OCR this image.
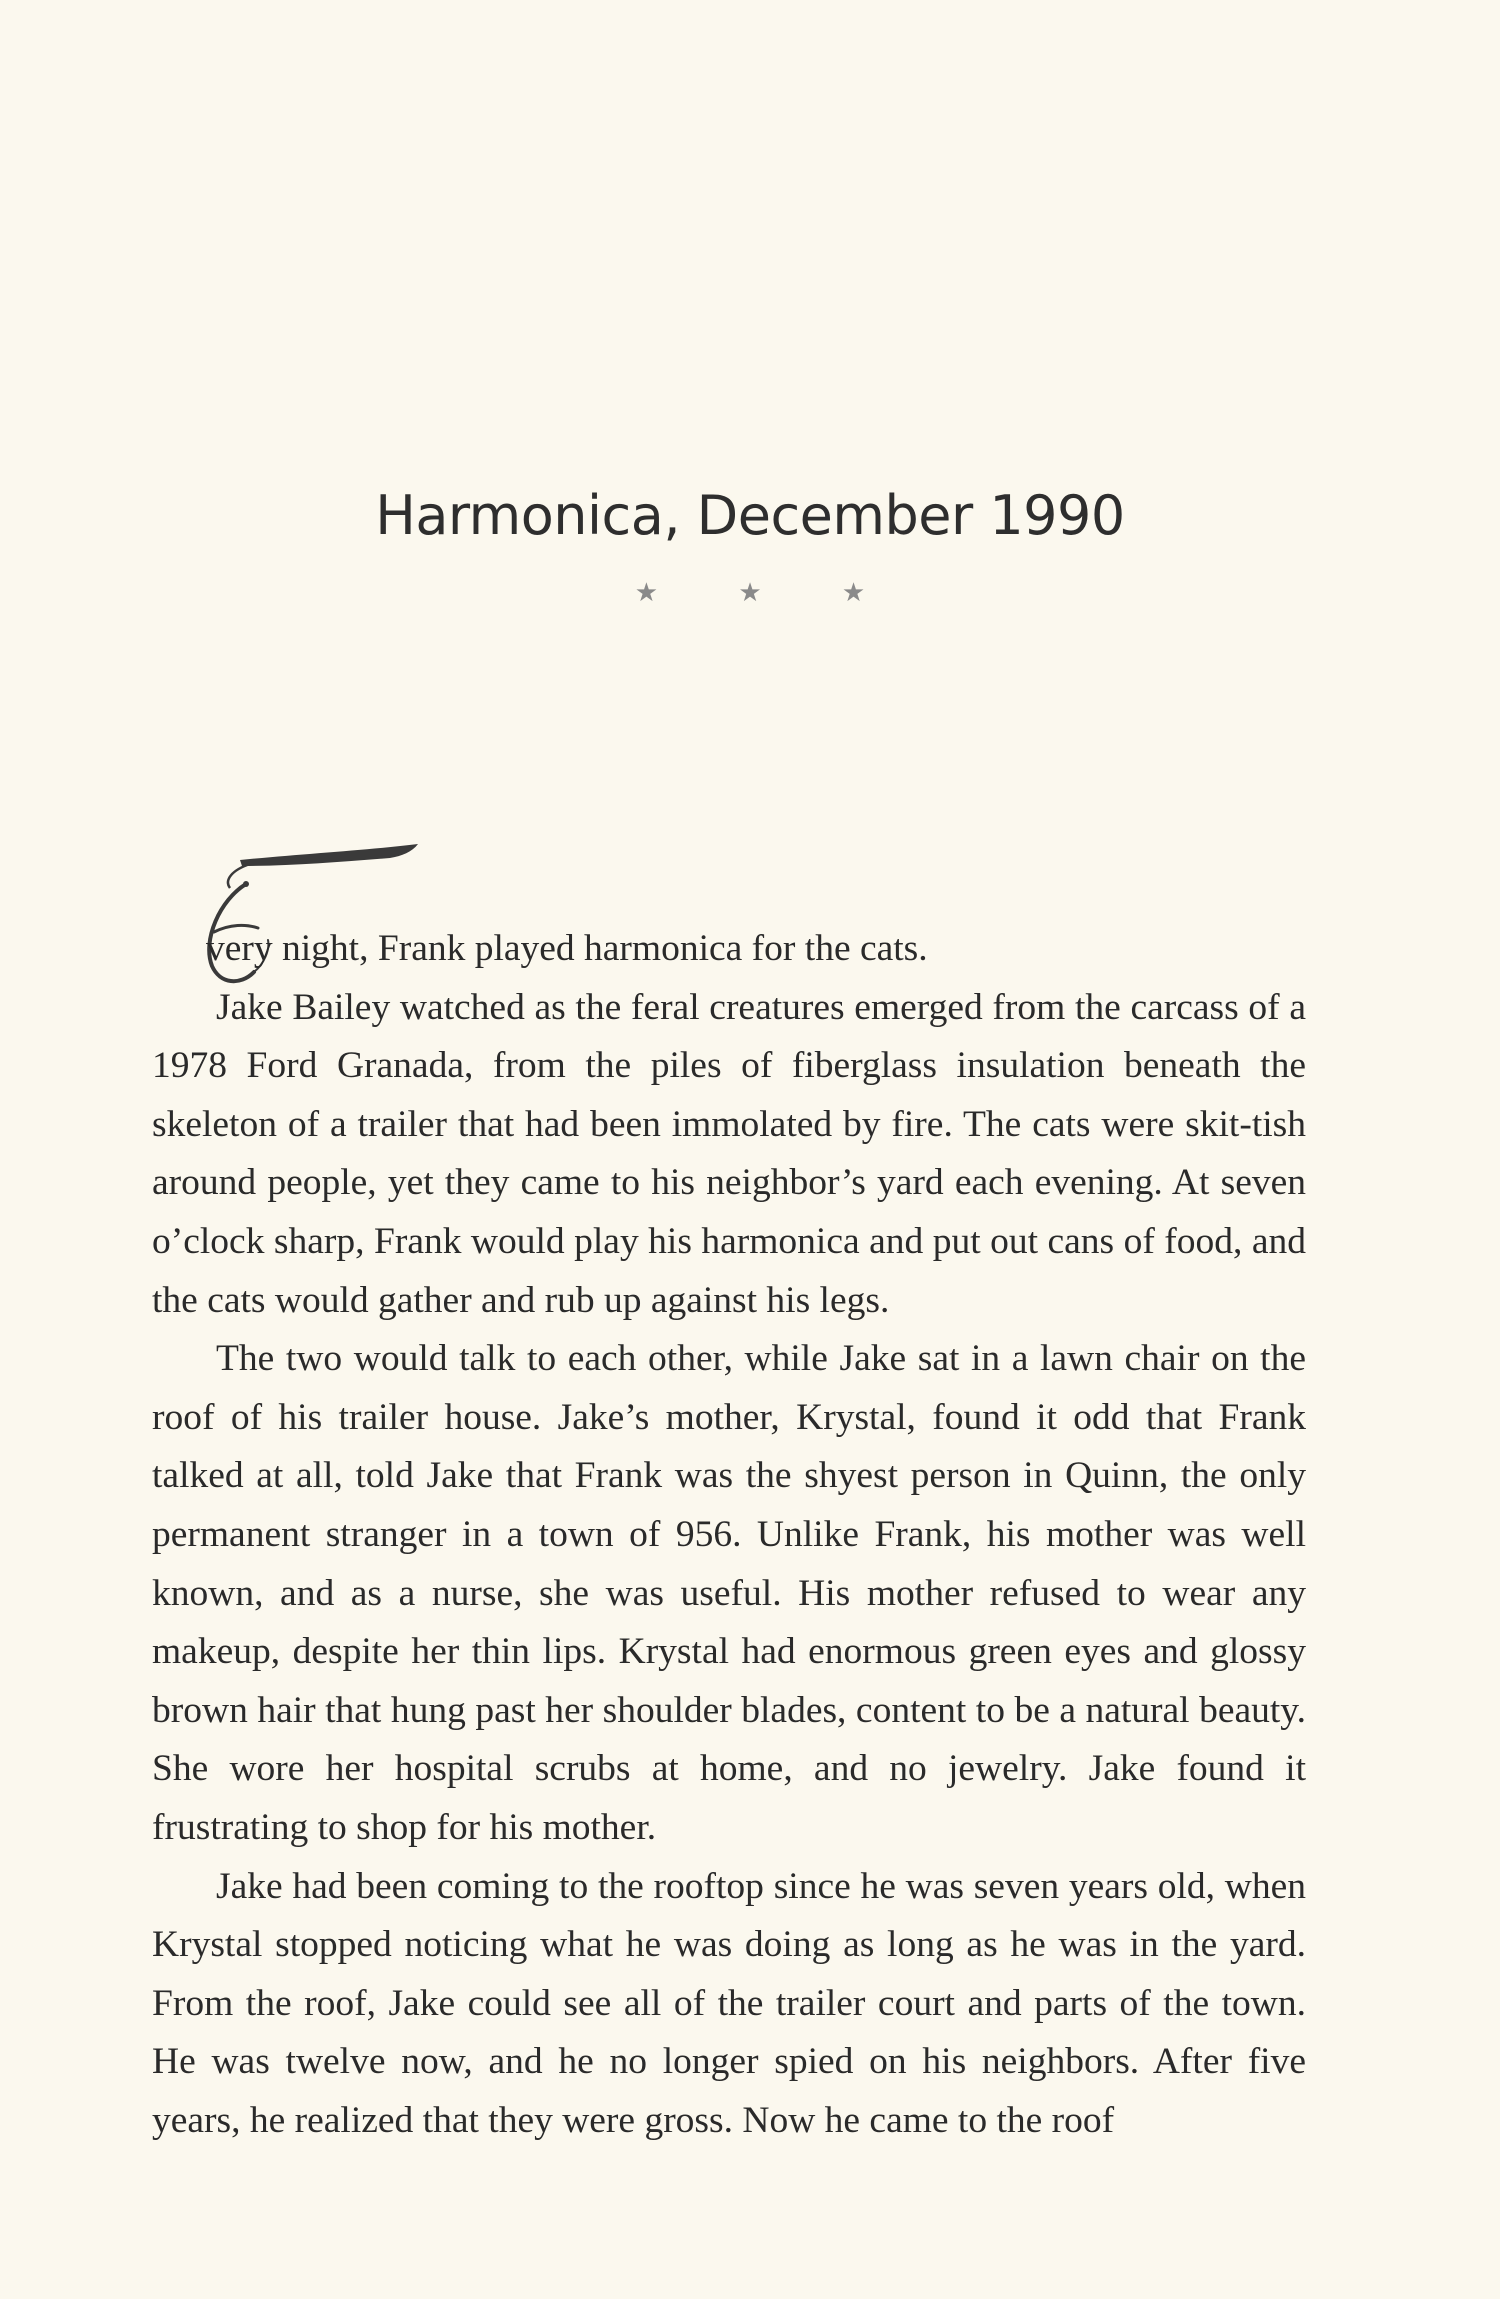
Harmonica, December 1990
★ ★ ★

very night, Frank played harmonica for the cats.

Jake Bailey watched as the feral creatures emerged from the carcass of a 1978 Ford Granada, from the piles of fiberglass insulation beneath the skeleton of a trailer that had been immolated by fire. The cats were skit-tish around people, yet they came to his neighbor’s yard each evening. At seven o’clock sharp, Frank would play his harmonica and put out cans of food, and the cats would gather and rub up against his legs.

The two would talk to each other, while Jake sat in a lawn chair on the roof of his trailer house. Jake’s mother, Krystal, found it odd that Frank talked at all, told Jake that Frank was the shyest person in Quinn, the only permanent stranger in a town of 956. Unlike Frank, his mother was well known, and as a nurse, she was useful. His mother refused to wear any makeup, despite her thin lips. Krystal had enormous green eyes and glossy brown hair that hung past her shoulder blades, content to be a natural beauty. She wore her hospital scrubs at home, and no jewelry. Jake found it frustrating to shop for his mother.

Jake had been coming to the rooftop since he was seven years old, when Krystal stopped noticing what he was doing as long as he was in the yard. From the roof, Jake could see all of the trailer court and parts of the town. He was twelve now, and he no longer spied on his neighbors. After five years, he realized that they were gross. Now he came to the roof
